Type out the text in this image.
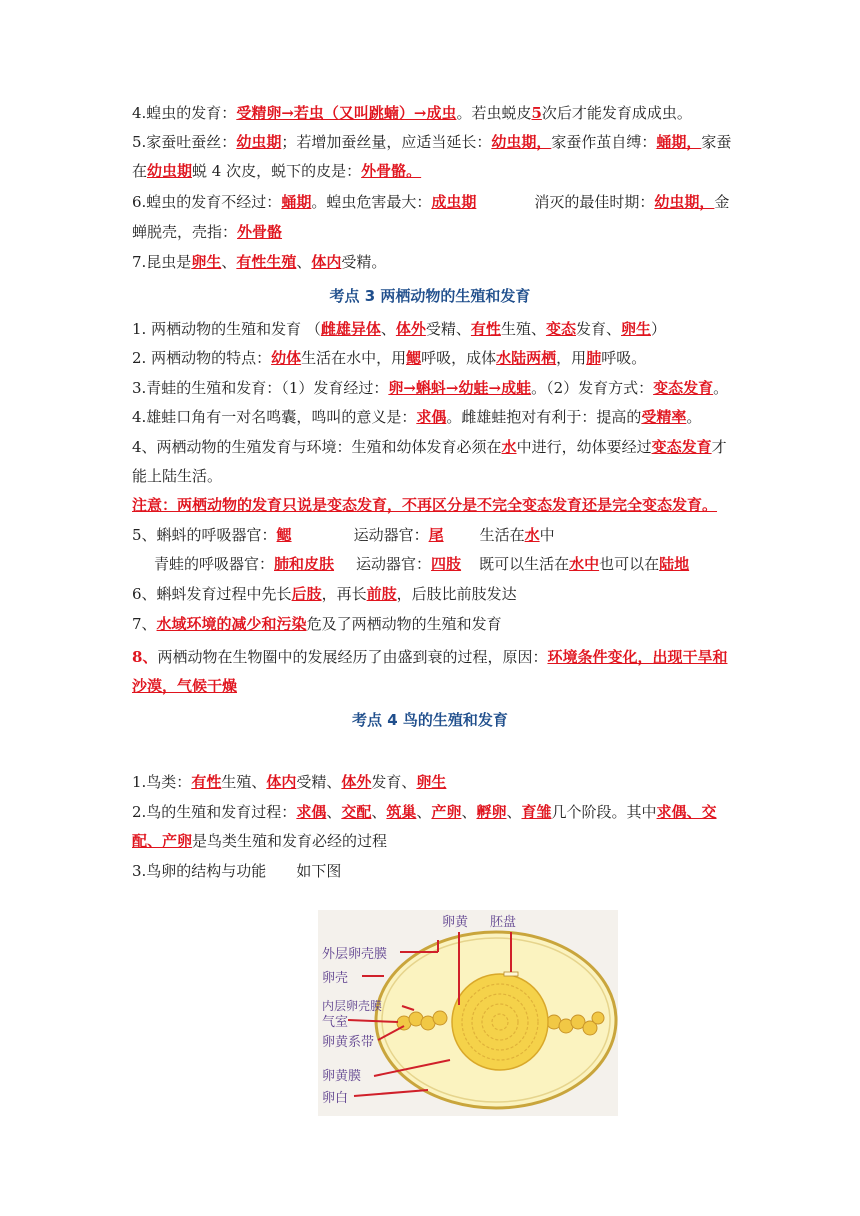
4.蝗虫的发育：受精卵→若虫（又叫跳蝻）→成虫。若虫蜕皮5次后才能发育成成虫。
5.家蚕吐蚕丝：幼虫期；若增加蚕丝量，应适当延长：幼虫期，家蚕作茧自缚：蛹期，家蚕
在幼虫期蜕 4 次皮，蜕下的皮是：外骨骼。
6.蝗虫的发育不经过：蛹期。蝗虫危害最大：成虫期	消灭的最佳时期：幼虫期，金
蝉脱壳，壳指：外骨骼
7.昆虫是卵生、有性生殖、体内受精。
考点 3 两栖动物的生殖和发育
1. 两栖动物的生殖和发育 （雌雄异体、体外受精、有性生殖、变态发育、卵生）
2. 两栖动物的特点：幼体生活在水中，用鳃呼吸，成体水陆两栖，用肺呼吸。
3.青蛙的生殖和发育：（1）发育经过：卵→蝌蚪→幼蛙→成蛙。（2）发育方式：变态发育。
4.雄蛙口角有一对名鸣囊，鸣叫的意义是：求偶。雌雄蛙抱对有利于：提高的受精率。
4、两栖动物的生殖发育与环境：生殖和幼体发育必须在水中进行，幼体要经过变态发育才
能上陆生活。
注意：两栖动物的发育只说是变态发育，不再区分是不完全变态发育还是完全变态发育。
5、蝌蚪的呼吸器官：鳃	运动器官：尾 生活在水中
青蛙的呼吸器官：肺和皮肤 运动器官：四肢 既可以生活在水中也可以在陆地
6、蝌蚪发育过程中先长后肢，再长前肢，后肢比前肢发达
7、水域环境的减少和污染危及了两栖动物的生殖和发育
8、两栖动物在生物圈中的发展经历了由盛到衰的过程，原因：环境条件变化，出现干旱和
沙漠，气候干燥
考点 4 鸟的生殖和发育
1.鸟类：有性生殖、体内受精、体外发育、卵生
2.鸟的生殖和发育过程：求偶、交配、筑巢、产卵、孵卵、育雏几个阶段。其中求偶、交
配、产卵是鸟类生殖和发育必经的过程
3.鸟卵的结构与功能 如下图
卵黄 胚盘
外层卵壳膜
卵壳
内层卵壳膜
气室
卵黄系带
卵黄膜
卵白
